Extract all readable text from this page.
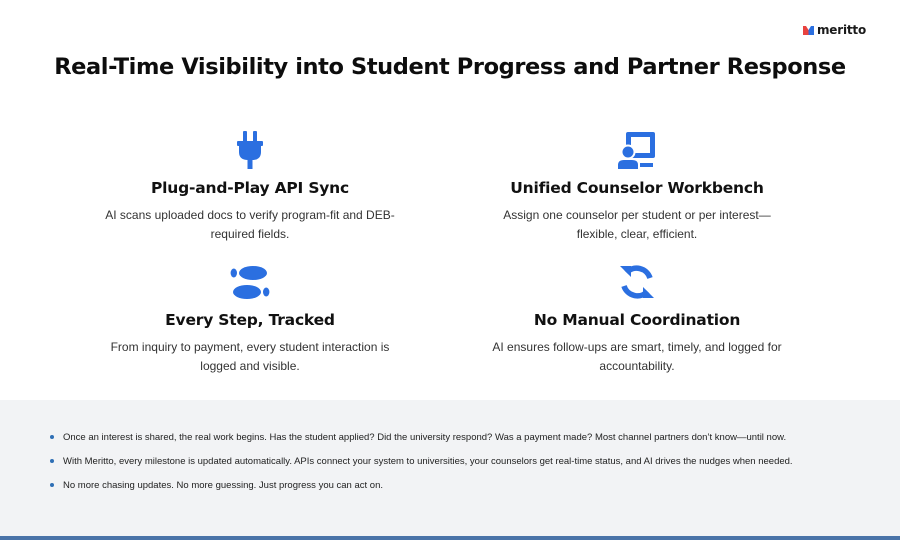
meritto
Real-Time Visibility into Student Progress and Partner Response
Plug-and-Play API Sync
AI scans uploaded docs to verify program-fit and DEB-required fields.
Unified Counselor Workbench
Assign one counselor per student or per interest—flexible, clear, efficient.
Every Step, Tracked
From inquiry to payment, every student interaction is logged and visible.
No Manual Coordination
AI ensures follow-ups are smart, timely, and logged for accountability.
Once an interest is shared, the real work begins. Has the student applied? Did the university respond? Was a payment made? Most channel partners don’t know—until now.
With Meritto, every milestone is updated automatically. APIs connect your system to universities, your counselors get real-time status, and AI drives the nudges when needed.
No more chasing updates. No more guessing. Just progress you can act on.
